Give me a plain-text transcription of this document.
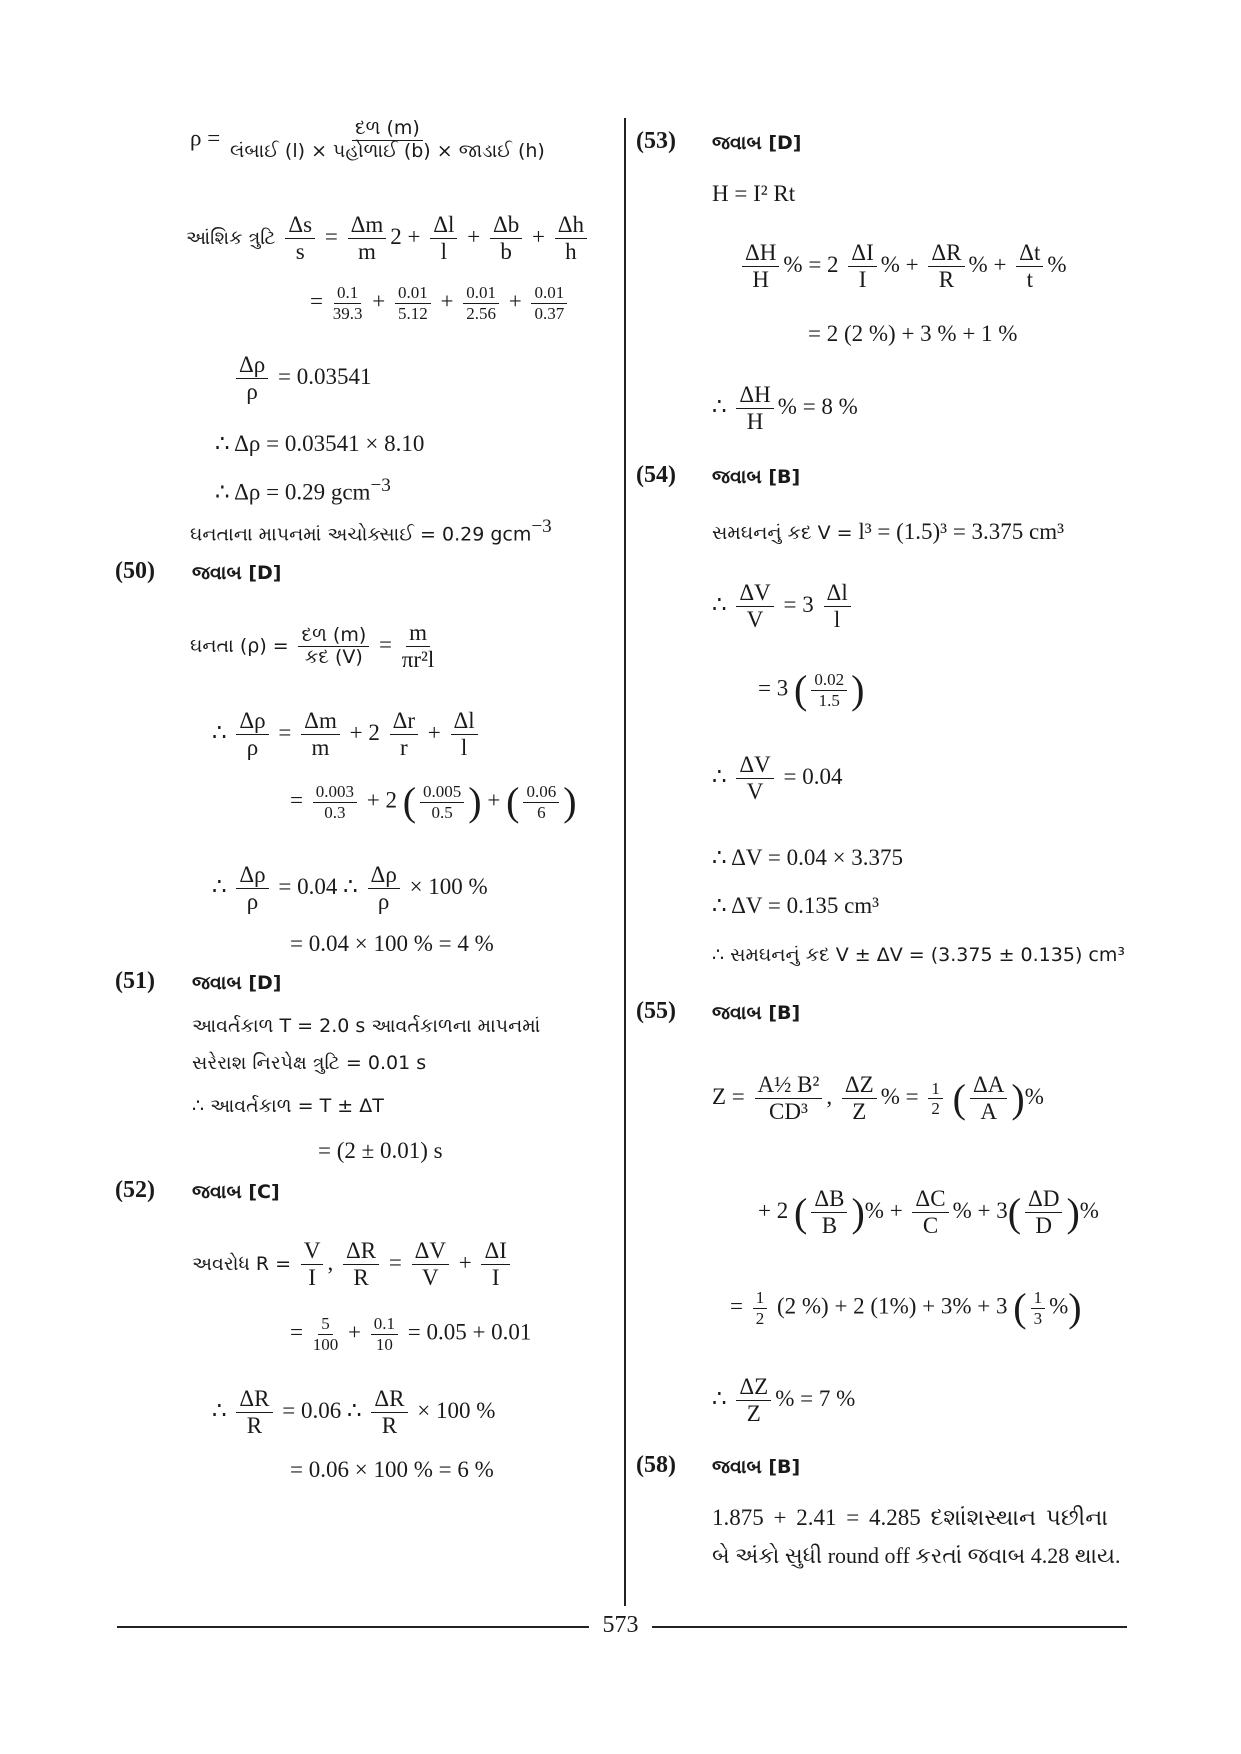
$\rho = \frac{\text{દળ (m)}}{\text{લંબાઈ (l) × પહોળાઈ (b) × જાડાઈ (h)}}$
આંશિક ત્રુટિ $\frac{\Delta s}{s} = \frac{\Delta m}{m} 2 + \frac{\Delta l}{l} + \frac{\Delta b}{b} + \frac{\Delta h}{h}$
= $\frac{0.1}{39.3} + \frac{0.01}{5.12} + \frac{0.01}{2.56} + \frac{0.01}{0.37}$
$\frac{\Delta\rho}{\rho} = 0.03541$
∴ Δρ = 0.03541 × 8.10
∴ Δρ = 0.29 gcm$^{-3}$
ઘનતાના માપનમાં અચોક્સાઈ = 0.29 gcm$^{-3}$
(50) જવાબ [D]
ઘનતા $(\rho) = \frac{\text{દળ (m)}}{\text{કદ (V)}} = \frac{m}{\text{πr²l}}$
∴ $\frac{\Delta\rho}{\rho} = \frac{\Delta m}{m} + 2 \frac{\Delta r}{r} + \frac{\Delta l}{l}$
= $\frac{0.003}{0.3} + 2$ ( $\frac{0.005}{0.5}$ ) + ( $\frac{0.06}{6}$ )
∴ $\frac{\Delta\rho}{\rho} = 0.04$ ∴ $\frac{\Delta\rho}{\rho} \times 100$ %
= 0.04 × 100 % = 4 %
(51) જવાબ [D]
આવર્તકાળ T = 2.0 s આવર્તકાળના માપનમાં
સરેરાશ નિરપેક્ષ ત્રુટિ = 0.01 s
∴ આવર્તકાળ = T ± ΔT
= (2 ± 0.01) s
(52) જવાબ [C]
અવરોધ $R = \frac{V}{I}$ , $\frac{\Delta R}{R} = \frac{\Delta V}{V} + \frac{\Delta I}{I}$
= $\frac{5}{100} + \frac{0.1}{10} = 0.05 + 0.01$
∴ $\frac{\Delta R}{R} = 0.06$ ∴ $\frac{\Delta R}{R} \times 100$ %
= 0.06 × 100 % = 6 %
(53) જવાબ [D]
H = I² Rt
$\frac{\Delta H}{H}$ % = $2 \frac{\Delta I}{I}$ % + $\frac{\Delta R}{R}$ % + $\frac{\Delta t}{t}$ %
= 2 (2 %) + 3 % + 1 %
∴ $\frac{\Delta H}{H}$ % = 8 %
(54) જવાબ [B]
સમઘનનું કદ V = l³ = (1.5)³ = 3.375 cm³
∴ $\frac{\Delta V}{V} = 3 \frac{\Delta l}{l}$
= 3 ( $\frac{0.02}{1.5}$ )
∴ $\frac{\Delta V}{V} = 0.04$
∴ ΔV = 0.04 × 3.375
∴ ΔV = 0.135 cm³
∴ સમઘનનું કદ V ± ΔV = (3.375 ± 0.135) cm³
(55) જવાબ [B]
$Z = \frac{\text{A½ B²}}{\text{CD³}}$ , $\frac{\Delta Z}{Z}$ % = $\frac{1}{2}$ ( $\frac{\Delta A}{A}$ )%
+ 2 ( $\frac{\Delta B}{B}$ )% + $\frac{\Delta C}{C}$ % + $3( \frac{\Delta D}{D}$ )%
= $\frac{1}{2} (2$ %) + 2 (1%) + 3% + 3 ( $\frac{1}{3}$ %)
∴ $\frac{\Delta Z}{Z}$ % = 7 %
(58) જવાબ [B]
1.875 + 2.41 = 4.285 દશાંશસ્થાન પછીના
બે અંકો સુધી round off કરતાં જવાબ 4.28 થાય.
573
